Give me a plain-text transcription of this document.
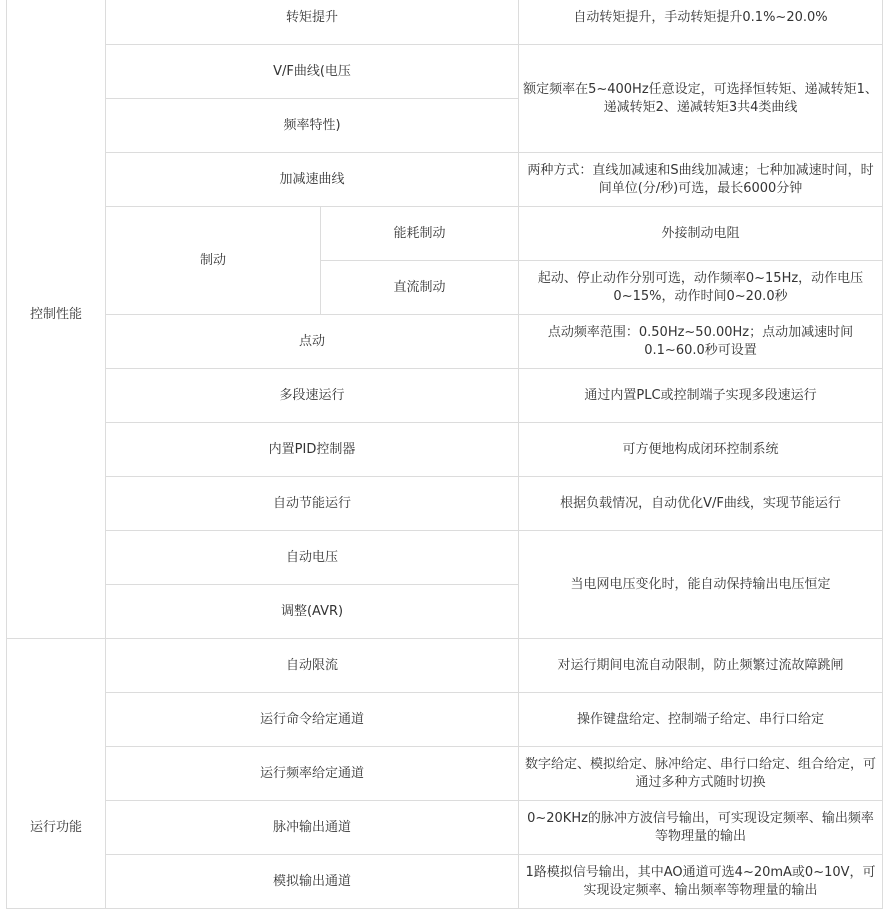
控制性能	转矩提升		自动转矩提升，手动转矩提升0.1%~20.0%
	V/F曲线(电压		额定频率在5~400Hz任意设定，可选择恒转矩、递减转矩1、递减转矩2、递减转矩3共4类曲线
	频率特性)		
	加减速曲线		两种方式：直线加减速和S曲线加减速；七种加减速时间，时间单位(分/秒)可选，最长6000分钟
	制动	能耗制动	外接制动电阻
		直流制动	起动、停止动作分别可选，动作频率0~15Hz，动作电压0~15%，动作时间0~20.0秒
	点动		点动频率范围：0.50Hz~50.00Hz；点动加减速时间0.1~60.0秒可设置
	多段速运行		通过内置PLC或控制端子实现多段速运行
	内置PID控制器		可方便地构成闭环控制系统
	自动节能运行		根据负载情况，自动优化V/F曲线，实现节能运行
	自动电压		当电网电压变化时，能自动保持输出电压恒定
	调整(AVR)		

运行功能	自动限流		对运行期间电流自动限制，防止频繁过流故障跳闸
	运行命令给定通道		操作键盘给定、控制端子给定、串行口给定
	运行频率给定通道		数字给定、模拟给定、脉冲给定、串行口给定、组合给定，可通过多种方式随时切换
	脉冲输出通道		0~20KHz的脉冲方波信号输出，可实现设定频率、输出频率等物理量的输出
	模拟输出通道		1路模拟信号输出，其中AO通道可选4~20mA或0~10V，可实现设定频率、输出频率等物理量的输出
